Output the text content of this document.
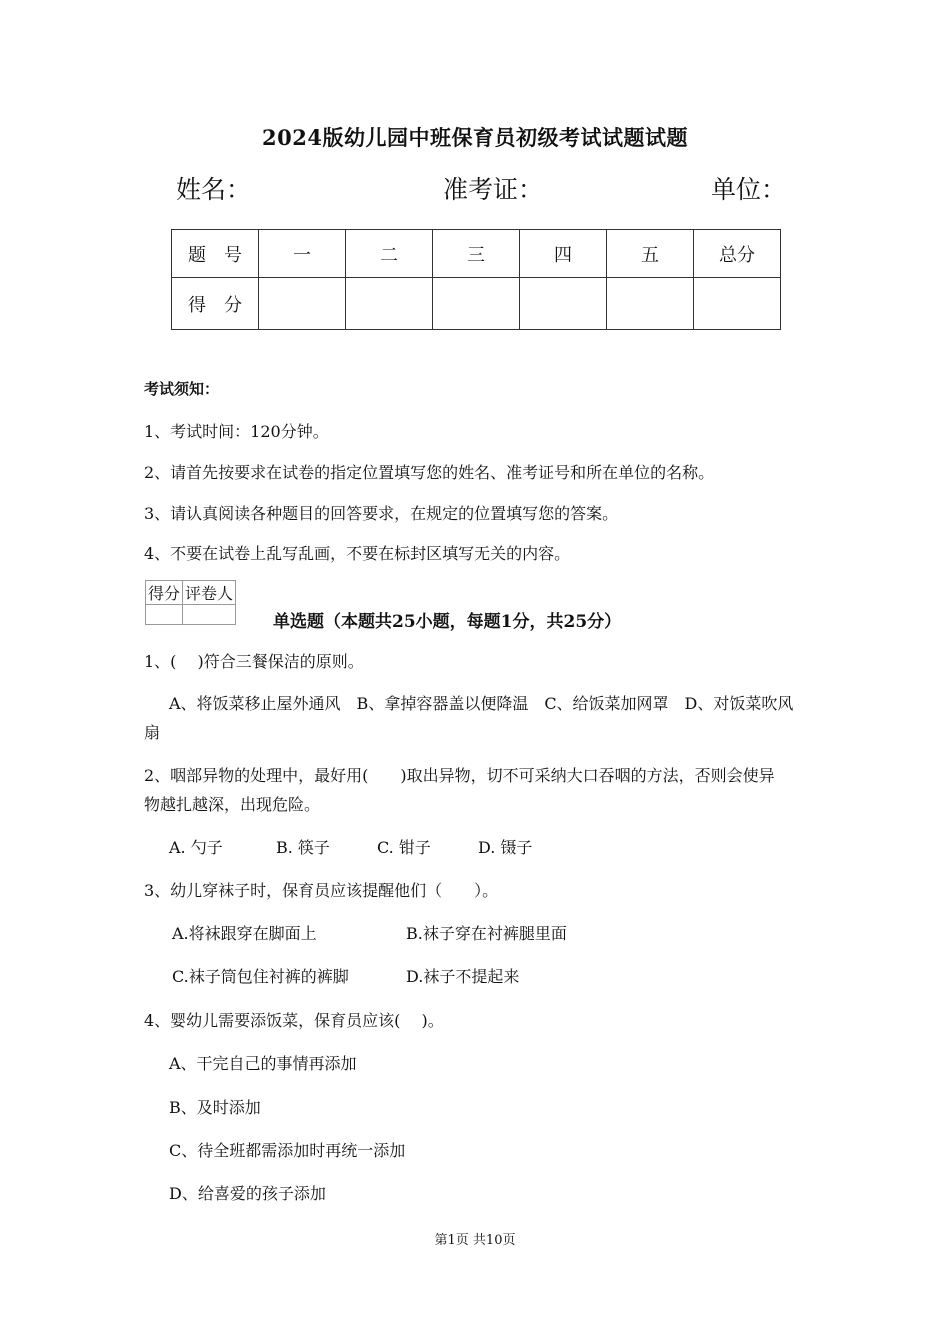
2024版幼儿园中班保育员初级考试试题试题
姓名：	准考证：	单位：
题　号	一	二	三	四	五	总分
得　分						
考试须知：
1、考试时间：120分钟。
2、请首先按要求在试卷的指定位置填写您的姓名、准考证号和所在单位的名称。
3、请认真阅读各种题目的回答要求，在规定的位置填写您的答案。
4、不要在试卷上乱写乱画，不要在标封区填写无关的内容。
得分	评卷人

单选题（本题共25小题，每题1分，共25分）
1、(　 )符合三餐保洁的原则。
A、将饭菜移止屋外通风　B、拿掉容器盖以便降温　C、给饭菜加网罩　D、对饭菜吹风
扇
2、咽部异物的处理中，最好用(　　)取出异物，切不可采纳大口吞咽的方法，否则会使异
物越扎越深，出现危险。
A. 勺子	B. 筷子	C. 钳子	D. 镊子
3、幼儿穿袜子时，保育员应该提醒他们（　　）。
A.将袜跟穿在脚面上	B.袜子穿在衬裤腿里面
C.袜子筒包住衬裤的裤脚	D.袜子不提起来
4、婴幼儿需要添饭菜，保育员应该(　 )。
A、干完自己的事情再添加
B、及时添加
C、待全班都需添加时再统一添加
D、给喜爱的孩子添加
第1页 共10页
